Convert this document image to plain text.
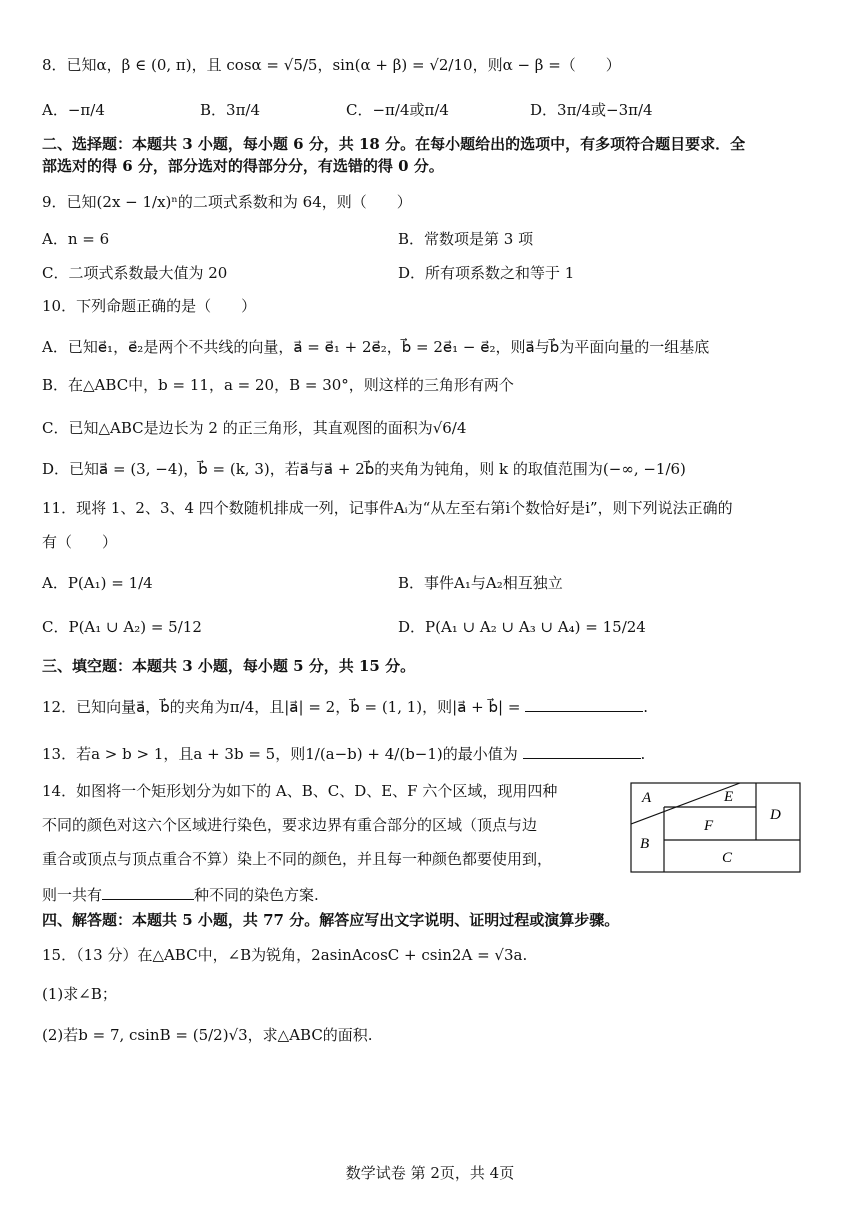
8．已知α，β ∈ (0, π)，且 cosα = √5/5，sin(α + β) = √2/10，则α − β =（　　）
A．−π/4	B．3π/4	C．−π/4或π/4	D．3π/4或−3π/4
二、选择题：本题共 3 小题，每小题 6 分，共 18 分。在每小题给出的选项中，有多项符合题目要求．全
部选对的得 6 分，部分选对的得部分分，有选错的得 0 分。
9．已知(2x − 1/x)ⁿ的二项式系数和为 64，则（　　）
A．n = 6	B．常数项是第 3 项
C．二项式系数最大值为 20	D．所有项系数之和等于 1
10．下列命题正确的是（　　）
A．已知e⃗₁，e⃗₂是两个不共线的向量，a⃗ = e⃗₁ + 2e⃗₂，b⃗ = 2e⃗₁ − e⃗₂，则a⃗与b⃗为平面向量的一组基底
B．在△ABC中，b = 11，a = 20，B = 30°，则这样的三角形有两个
C．已知△ABC是边长为 2 的正三角形，其直观图的面积为√6/4
D．已知a⃗ = (3, −4)，b⃗ = (k, 3)，若a⃗与a⃗ + 2b⃗的夹角为钝角，则 k 的取值范围为(−∞, −1/6)
11．现将 1、2、3、4 四个数随机排成一列，记事件Aᵢ为“从左至右第i个数恰好是i”，则下列说法正确的
有（　　）
A．P(A₁) = 1/4	B．事件A₁与A₂相互独立
C．P(A₁ ∪ A₂) = 5/12	D．P(A₁ ∪ A₂ ∪ A₃ ∪ A₄) = 15/24
三、填空题：本题共 3 小题，每小题 5 分，共 15 分。
12．已知向量a⃗，b⃗的夹角为π/4，且|a⃗| = 2，b⃗ = (1, 1)，则|a⃗ + b⃗| =	.
13．若a > b > 1，且a + 3b = 5，则1/(a−b) + 4/(b−1)的最小值为	.
14．如图将一个矩形划分为如下的 A、B、C、D、E、F 六个区域，现用四种
不同的颜色对这六个区域进行染色，要求边界有重合部分的区域（顶点与边
重合或顶点与顶点重合不算）染上不同的颜色，并且每一种颜色都要使用到，
则一共有	种不同的染色方案.
A
B
C
D
E
F
四、解答题：本题共 5 小题，共 77 分。解答应写出文字说明、证明过程或演算步骤。
15．（13 分）在△ABC中，∠B为锐角，2asinAcosC + csin2A = √3a.
(1)求∠B；
(2)若b = 7, csinB = (5/2)√3，求△ABC的面积.
数学试卷 第 2页，共 4页
